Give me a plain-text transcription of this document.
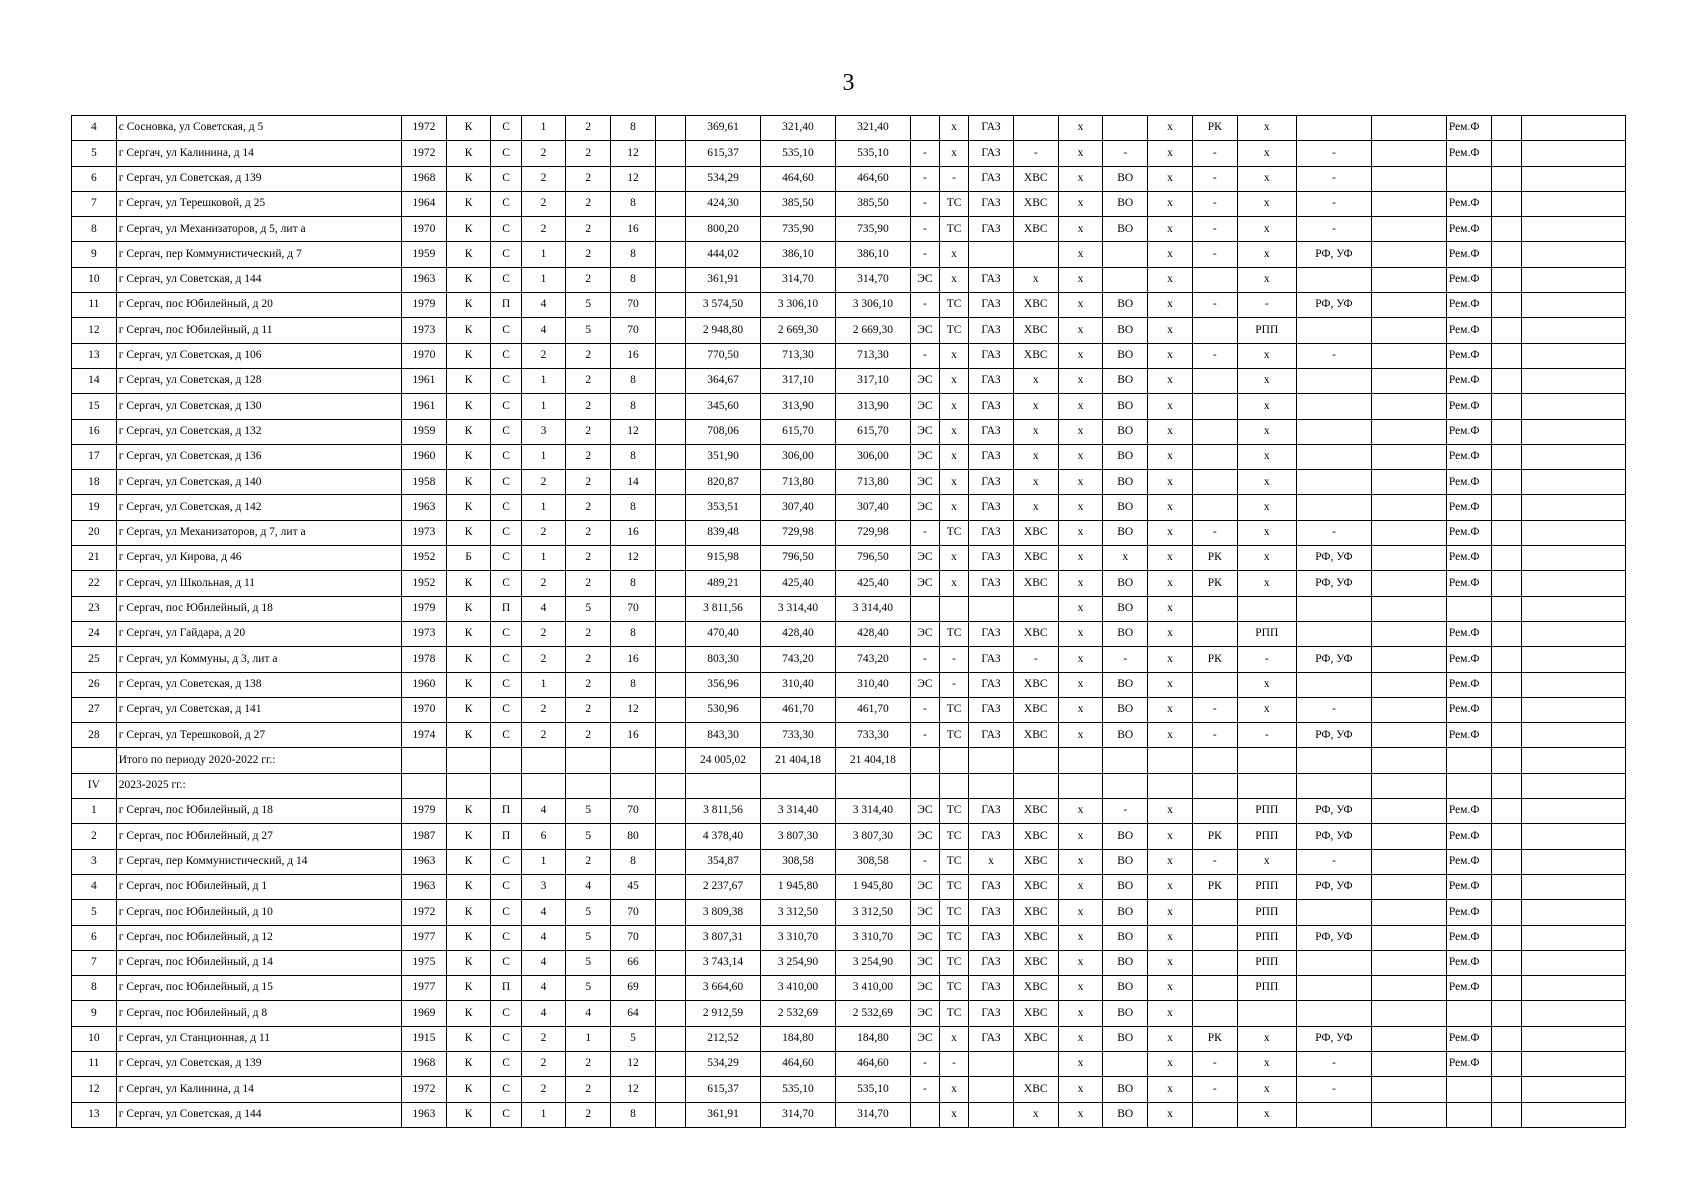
3
4	с Сосновка, ул Советская, д 5	1972	К	С	1	2	8		369,61	321,40	321,40		х	ГАЗ		х		х	РК	х			Рем.Ф		
5	г Сергач, ул Калинина, д 14	1972	К	С	2	2	12		615,37	535,10	535,10	-	х	ГАЗ	-	х	-	х	-	х	-		Рем.Ф		
6	г Сергач, ул Советская, д 139	1968	К	С	2	2	12		534,29	464,60	464,60	-	-	ГАЗ	ХВС	х	ВО	х	-	х	-				
7	г Сергач, ул Терешковой, д 25	1964	К	С	2	2	8		424,30	385,50	385,50	-	ТС	ГАЗ	ХВС	х	ВО	х	-	х	-		Рем.Ф		
8	г Сергач, ул Механизаторов, д 5, лит а	1970	К	С	2	2	16		800,20	735,90	735,90	-	ТС	ГАЗ	ХВС	х	ВО	х	-	х	-		Рем.Ф		
9	г Сергач, пер Коммунистический, д 7	1959	К	С	1	2	8		444,02	386,10	386,10	-	х			х		х	-	х	РФ, УФ		Рем.Ф		
10	г Сергач, ул Советская, д 144	1963	К	С	1	2	8		361,91	314,70	314,70	ЭС	х	ГАЗ	х	х		х		х			Рем.Ф		
11	г Сергач, пос Юбилейный, д 20	1979	К	П	4	5	70		3 574,50	3 306,10	3 306,10	-	ТС	ГАЗ	ХВС	х	ВО	х	-	-	РФ, УФ		Рем.Ф		
12	г Сергач, пос Юбилейный, д 11	1973	К	С	4	5	70		2 948,80	2 669,30	2 669,30	ЭС	ТС	ГАЗ	ХВС	х	ВО	х		РПП			Рем.Ф		
13	г Сергач, ул Советская, д 106	1970	К	С	2	2	16		770,50	713,30	713,30	-	х	ГАЗ	ХВС	х	ВО	х	-	х	-		Рем.Ф		
14	г Сергач, ул Советская, д 128	1961	К	С	1	2	8		364,67	317,10	317,10	ЭС	х	ГАЗ	х	х	ВО	х		х			Рем.Ф		
15	г Сергач, ул Советская, д 130	1961	К	С	1	2	8		345,60	313,90	313,90	ЭС	х	ГАЗ	х	х	ВО	х		х			Рем.Ф		
16	г Сергач, ул Советская, д 132	1959	К	С	3	2	12		708,06	615,70	615,70	ЭС	х	ГАЗ	х	х	ВО	х		х			Рем.Ф		
17	г Сергач, ул Советская, д 136	1960	К	С	1	2	8		351,90	306,00	306,00	ЭС	х	ГАЗ	х	х	ВО	х		х			Рем.Ф		
18	г Сергач, ул Советская, д 140	1958	К	С	2	2	14		820,87	713,80	713,80	ЭС	х	ГАЗ	х	х	ВО	х		х			Рем.Ф		
19	г Сергач, ул Советская, д 142	1963	К	С	1	2	8		353,51	307,40	307,40	ЭС	х	ГАЗ	х	х	ВО	х		х			Рем.Ф		
20	г Сергач, ул Механизаторов, д 7, лит а	1973	К	С	2	2	16		839,48	729,98	729,98	-	ТС	ГАЗ	ХВС	х	ВО	х	-	х	-		Рем.Ф		
21	г Сергач, ул Кирова, д 46	1952	Б	С	1	2	12		915,98	796,50	796,50	ЭС	х	ГАЗ	ХВС	х	х	х	РК	х	РФ, УФ		Рем.Ф		
22	г Сергач, ул Школьная, д 11	1952	К	С	2	2	8		489,21	425,40	425,40	ЭС	х	ГАЗ	ХВС	х	ВО	х	РК	х	РФ, УФ		Рем.Ф		
23	г Сергач, пос Юбилейный, д 18	1979	К	П	4	5	70		3 811,56	3 314,40	3 314,40					х	ВО	х							
24	г Сергач, ул Гайдара, д 20	1973	К	С	2	2	8		470,40	428,40	428,40	ЭС	ТС	ГАЗ	ХВС	х	ВО	х		РПП			Рем.Ф		
25	г Сергач, ул Коммуны, д 3, лит а	1978	К	С	2	2	16		803,30	743,20	743,20	-	-	ГАЗ	-	х	-	х	РК	-	РФ, УФ		Рем.Ф		
26	г Сергач, ул Советская, д 138	1960	К	С	1	2	8		356,96	310,40	310,40	ЭС	-	ГАЗ	ХВС	х	ВО	х		х			Рем.Ф		
27	г Сергач, ул Советская, д 141	1970	К	С	2	2	12		530,96	461,70	461,70	-	ТС	ГАЗ	ХВС	х	ВО	х	-	х	-		Рем.Ф		
28	г Сергач, ул Терешковой, д 27	1974	К	С	2	2	16		843,30	733,30	733,30	-	ТС	ГАЗ	ХВС	х	ВО	х	-	-	РФ, УФ		Рем.Ф		
	Итого по периоду 2020-2022 гг.:								24 005,02	21 404,18	21 404,18														
IV	2023-2025 гг.:																								
1	г Сергач, пос Юбилейный, д 18	1979	К	П	4	5	70		3 811,56	3 314,40	3 314,40	ЭС	ТС	ГАЗ	ХВС	х	-	х		РПП	РФ, УФ		Рем.Ф		
2	г Сергач, пос Юбилейный, д 27	1987	К	П	6	5	80		4 378,40	3 807,30	3 807,30	ЭС	ТС	ГАЗ	ХВС	х	ВО	х	РК	РПП	РФ, УФ		Рем.Ф		
3	г Сергач, пер Коммунистический, д 14	1963	К	С	1	2	8		354,87	308,58	308,58	-	ТС	х	ХВС	х	ВО	х	-	х	-		Рем.Ф		
4	г Сергач, пос Юбилейный, д 1	1963	К	С	3	4	45		2 237,67	1 945,80	1 945,80	ЭС	ТС	ГАЗ	ХВС	х	ВО	х	РК	РПП	РФ, УФ		Рем.Ф		
5	г Сергач, пос Юбилейный, д 10	1972	К	С	4	5	70		3 809,38	3 312,50	3 312,50	ЭС	ТС	ГАЗ	ХВС	х	ВО	х		РПП			Рем.Ф		
6	г Сергач, пос Юбилейный, д 12	1977	К	С	4	5	70		3 807,31	3 310,70	3 310,70	ЭС	ТС	ГАЗ	ХВС	х	ВО	х		РПП	РФ, УФ		Рем.Ф		
7	г Сергач, пос Юбилейный, д 14	1975	К	С	4	5	66		3 743,14	3 254,90	3 254,90	ЭС	ТС	ГАЗ	ХВС	х	ВО	х		РПП			Рем.Ф		
8	г Сергач, пос Юбилейный, д 15	1977	К	П	4	5	69		3 664,60	3 410,00	3 410,00	ЭС	ТС	ГАЗ	ХВС	х	ВО	х		РПП			Рем.Ф		
9	г Сергач, пос Юбилейный, д 8	1969	К	С	4	4	64		2 912,59	2 532,69	2 532,69	ЭС	ТС	ГАЗ	ХВС	х	ВО	х							
10	г Сергач, ул Станционная, д 11	1915	К	С	2	1	5		212,52	184,80	184,80	ЭС	х	ГАЗ	ХВС	х	ВО	х	РК	х	РФ, УФ		Рем.Ф		
11	г Сергач, ул Советская, д 139	1968	К	С	2	2	12		534,29	464,60	464,60	-	-			х		х	-	х	-		Рем.Ф		
12	г Сергач, ул Калинина, д 14	1972	К	С	2	2	12		615,37	535,10	535,10	-	х		ХВС	х	ВО	х	-	х	-				
13	г Сергач, ул Советская, д 144	1963	К	С	1	2	8		361,91	314,70	314,70		х		х	х	ВО	х		х					
